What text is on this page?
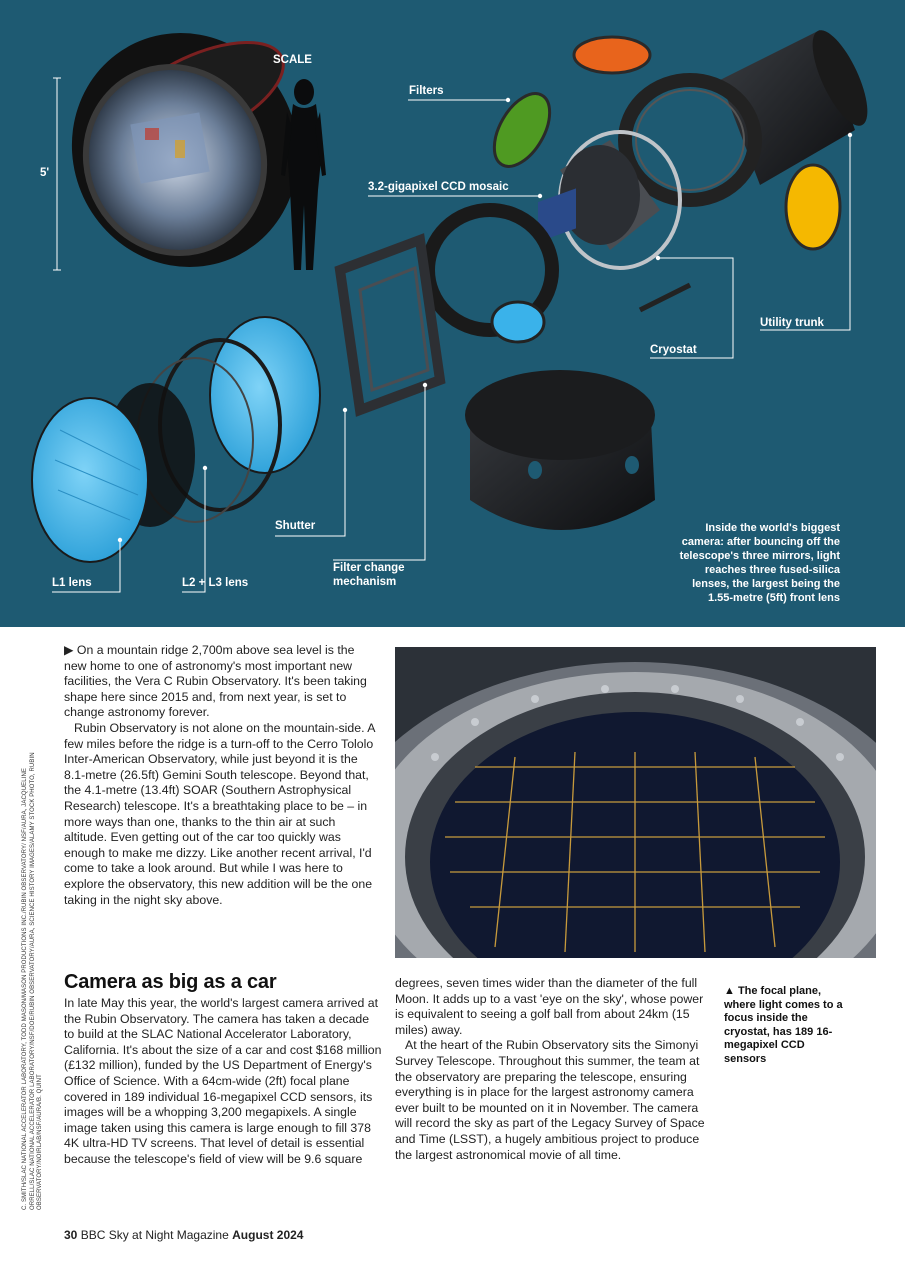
SCALE
5'
Filters
3.2-gigapixel CCD mosaic
Utility trunk
Cryostat
Shutter
L1 lens	L2 + L3 lens
Filter change mechanism
Inside the world's biggest camera: after bouncing off the telescope's three mirrors, light reaches three fused-silica lenses, the largest being the 1.55-metre (5ft) front lens
C. SMITH/SLAC NATIONAL ACCELERATOR LABORATORY, TODD MASON/MASON PRODUCTIONS INC./RUBIN OBSERVATORY/ NSF/AURA, JACQUELINE ORRELL/SLAC NATIONAL ACCELERATOR LABORATORY/NSF/DOE/RUBIN OBSERVATORY/AURA, SCIENCE HISTORY IMAGES/ALAMY STOCK PHOTO, RUBIN OBSERVATORY/NOIRLAB/NSF/AURA/B. QUINT

▶ On a mountain ridge 2,700m above sea level is the new home to one of astronomy's most important new facilities, the Vera C Rubin Observatory. It's been taking shape here since 2015 and, from next year, is set to change astronomy forever.

Rubin Observatory is not alone on the mountain-side. A few miles before the ridge is a turn-off to the Cerro Tololo Inter-American Observatory, while just beyond it is the 8.1-metre (26.5ft) Gemini South telescope. Beyond that, the 4.1-metre (13.4ft) SOAR (Southern Astrophysical Research) telescope. It's a breathtaking place to be – in more ways than one, thanks to the thin air at such altitude. Even getting out of the car too quickly was enough to make me dizzy. Like another recent arrival, I'd come to take a look around. But while I was here to explore the observatory, this new addition will be the one taking in the night sky above.

Camera as big as a car

In late May this year, the world's largest camera arrived at the Rubin Observatory. The camera has taken a decade to build at the SLAC National Accelerator Laboratory, California. It's about the size of a car and cost $168 million (£132 million), funded by the US Department of Energy's Office of Science. With a 64cm-wide (2ft) focal plane covered in 189 individual 16-megapixel CCD sensors, its images will be a whopping 3,200 megapixels. A single image taken using this camera is large enough to fill 378 4K ultra-HD TV screens. That level of detail is essential because the telescope's field of view will be 9.6 square

degrees, seven times wider than the diameter of the full Moon. It adds up to a vast 'eye on the sky', whose power is equivalent to seeing a golf ball from about 24km (15 miles) away.

At the heart of the Rubin Observatory sits the Simonyi Survey Telescope. Throughout this summer, the team at the observatory are preparing the telescope, ensuring everything is in place for the largest astronomy camera ever built to be mounted on it in November. The camera will record the sky as part of the Legacy Survey of Space and Time (LSST), a hugely ambitious project to produce the largest astronomical movie of all time.

▲ The focal plane, where light comes to a focus inside the cryostat, has 189 16-megapixel CCD sensors
30 BBC Sky at Night Magazine August 2024
